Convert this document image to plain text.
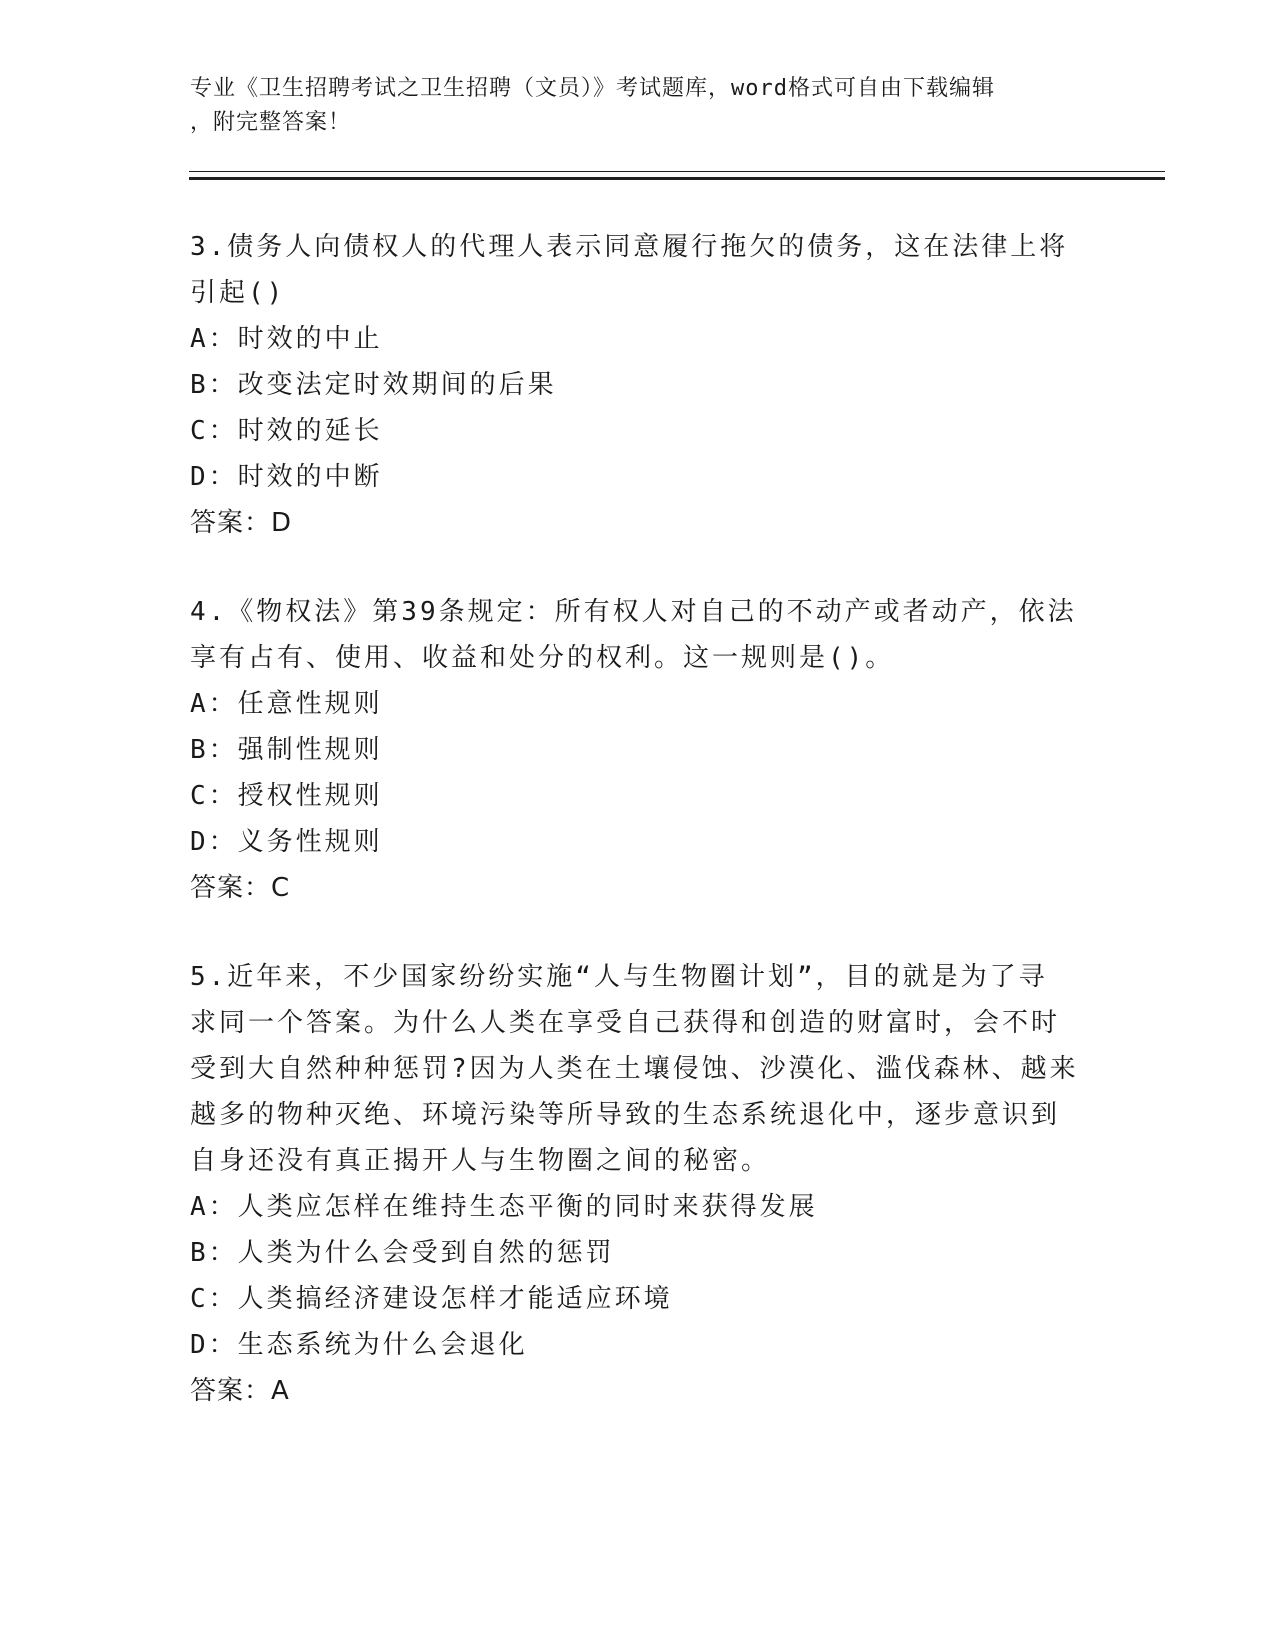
专业《卫生招聘考试之卫生招聘（文员）》考试题库，word格式可自由下载编辑
，附完整答案！
3.债务人向债权人的代理人表示同意履行拖欠的债务，这在法律上将
引起()
A：时效的中止
B：改变法定时效期间的后果
C：时效的延长
D：时效的中断
答案：D
4.《物权法》第39条规定：所有权人对自己的不动产或者动产，依法
享有占有、使用、收益和处分的权利。这一规则是()。
A：任意性规则
B：强制性规则
C：授权性规则
D：义务性规则
答案：C
5.近年来，不少国家纷纷实施“人与生物圈计划”，目的就是为了寻
求同一个答案。为什么人类在享受自己获得和创造的财富时，会不时
受到大自然种种惩罚?因为人类在土壤侵蚀、沙漠化、滥伐森林、越来
越多的物种灭绝、环境污染等所导致的生态系统退化中，逐步意识到
自身还没有真正揭开人与生物圈之间的秘密。
A：人类应怎样在维持生态平衡的同时来获得发展
B：人类为什么会受到自然的惩罚
C：人类搞经济建设怎样才能适应环境
D：生态系统为什么会退化
答案：A
